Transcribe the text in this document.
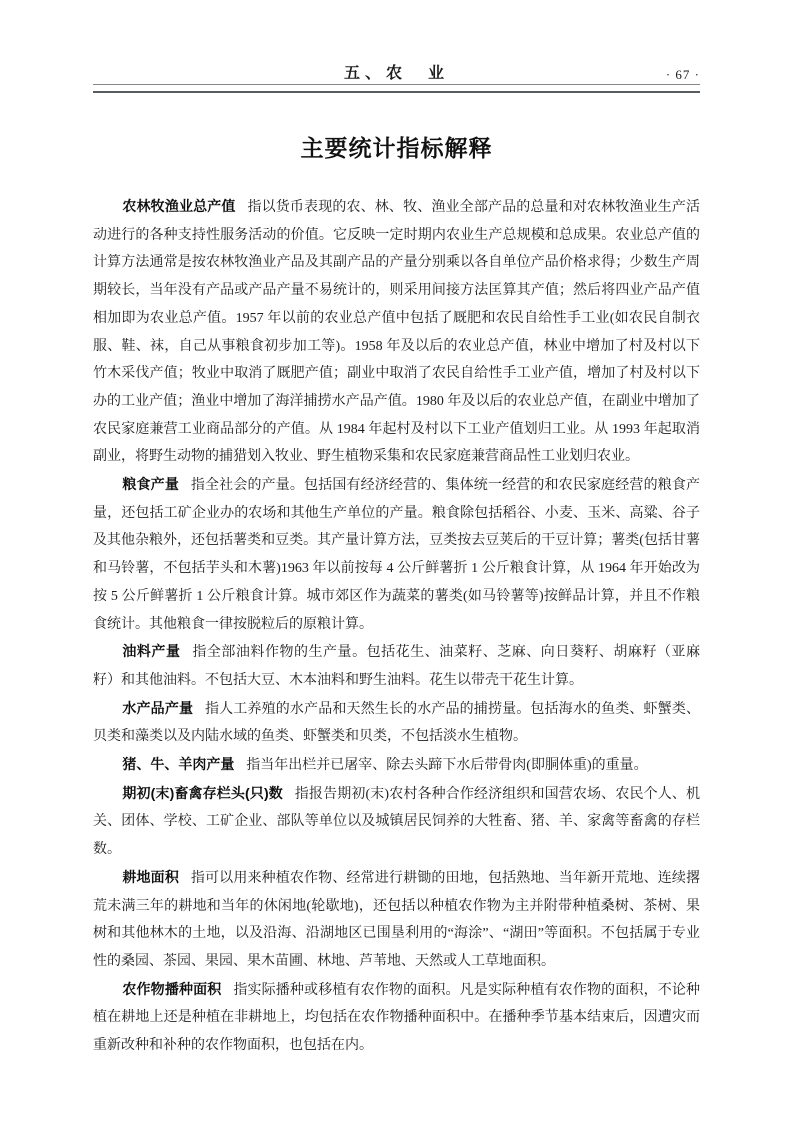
五、农　业	· 67 ·
主要统计指标解释

农林牧渔业总产值 指以货币表现的农、林、牧、渔业全部产品的总量和对农林牧渔业生产活动进行的各种支持性服务活动的价值。它反映一定时期内农业生产总规模和总成果。农业总产值的计算方法通常是按农林牧渔业产品及其副产品的产量分别乘以各自单位产品价格求得；少数生产周期较长，当年没有产品或产品产量不易统计的，则采用间接方法匡算其产值；然后将四业产品产值相加即为农业总产值。1957 年以前的农业总产值中包括了厩肥和农民自给性手工业(如农民自制衣服、鞋、袜，自己从事粮食初步加工等)。1958 年及以后的农业总产值，林业中增加了村及村以下竹木采伐产值；牧业中取消了厩肥产值；副业中取消了农民自给性手工业产值，增加了村及村以下办的工业产值；渔业中增加了海洋捕捞水产品产值。1980 年及以后的农业总产值，在副业中增加了农民家庭兼营工业商品部分的产值。从 1984 年起村及村以下工业产值划归工业。从 1993 年起取消副业，将野生动物的捕猎划入牧业、野生植物采集和农民家庭兼营商品性工业划归农业。

粮食产量 指全社会的产量。包括国有经济经营的、集体统一经营的和农民家庭经营的粮食产量，还包括工矿企业办的农场和其他生产单位的产量。粮食除包括稻谷、小麦、玉米、高粱、谷子及其他杂粮外，还包括薯类和豆类。其产量计算方法，豆类按去豆荚后的干豆计算；薯类(包括甘薯和马铃薯，不包括芋头和木薯)1963 年以前按每 4 公斤鲜薯折 1 公斤粮食计算，从 1964 年开始改为按 5 公斤鲜薯折 1 公斤粮食计算。城市郊区作为蔬菜的薯类(如马铃薯等)按鲜品计算，并且不作粮食统计。其他粮食一律按脱粒后的原粮计算。

油料产量 指全部油料作物的生产量。包括花生、油菜籽、芝麻、向日葵籽、胡麻籽（亚麻籽）和其他油料。不包括大豆、木本油料和野生油料。花生以带壳干花生计算。

水产品产量 指人工养殖的水产品和天然生长的水产品的捕捞量。包括海水的鱼类、虾蟹类、贝类和藻类以及内陆水域的鱼类、虾蟹类和贝类，不包括淡水生植物。

猪、牛、羊肉产量 指当年出栏并已屠宰、除去头蹄下水后带骨肉(即胴体重)的重量。

期初(末)畜禽存栏头(只)数 指报告期初(末)农村各种合作经济组织和国营农场、农民个人、机关、团体、学校、工矿企业、部队等单位以及城镇居民饲养的大牲畜、猪、羊、家禽等畜禽的存栏数。

耕地面积 指可以用来种植农作物、经常进行耕锄的田地，包括熟地、当年新开荒地、连续撂荒未满三年的耕地和当年的休闲地(轮歇地)，还包括以种植农作物为主并附带种植桑树、茶树、果树和其他林木的土地，以及沿海、沿湖地区已围垦利用的“海涂”、“湖田”等面积。不包括属于专业性的桑园、茶园、果园、果木苗圃、林地、芦苇地、天然或人工草地面积。

农作物播种面积 指实际播种或移植有农作物的面积。凡是实际种植有农作物的面积，不论种植在耕地上还是种植在非耕地上，均包括在农作物播种面积中。在播种季节基本结束后，因遭灾而重新改种和补种的农作物面积，也包括在内。
